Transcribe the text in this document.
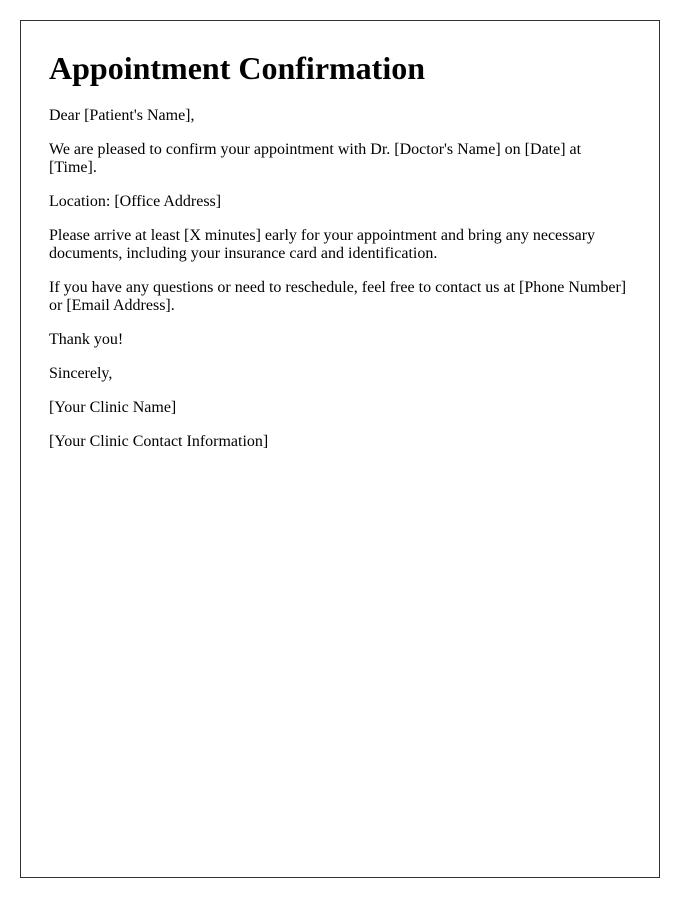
Appointment Confirmation

Dear [Patient's Name],

We are pleased to confirm your appointment with Dr. [Doctor's Name] on [Date] at [Time].

Location: [Office Address]

Please arrive at least [X minutes] early for your appointment and bring any necessary documents, including your insurance card and identification.

If you have any questions or need to reschedule, feel free to contact us at [Phone Number] or [Email Address].

Thank you!

Sincerely,

[Your Clinic Name]

[Your Clinic Contact Information]
